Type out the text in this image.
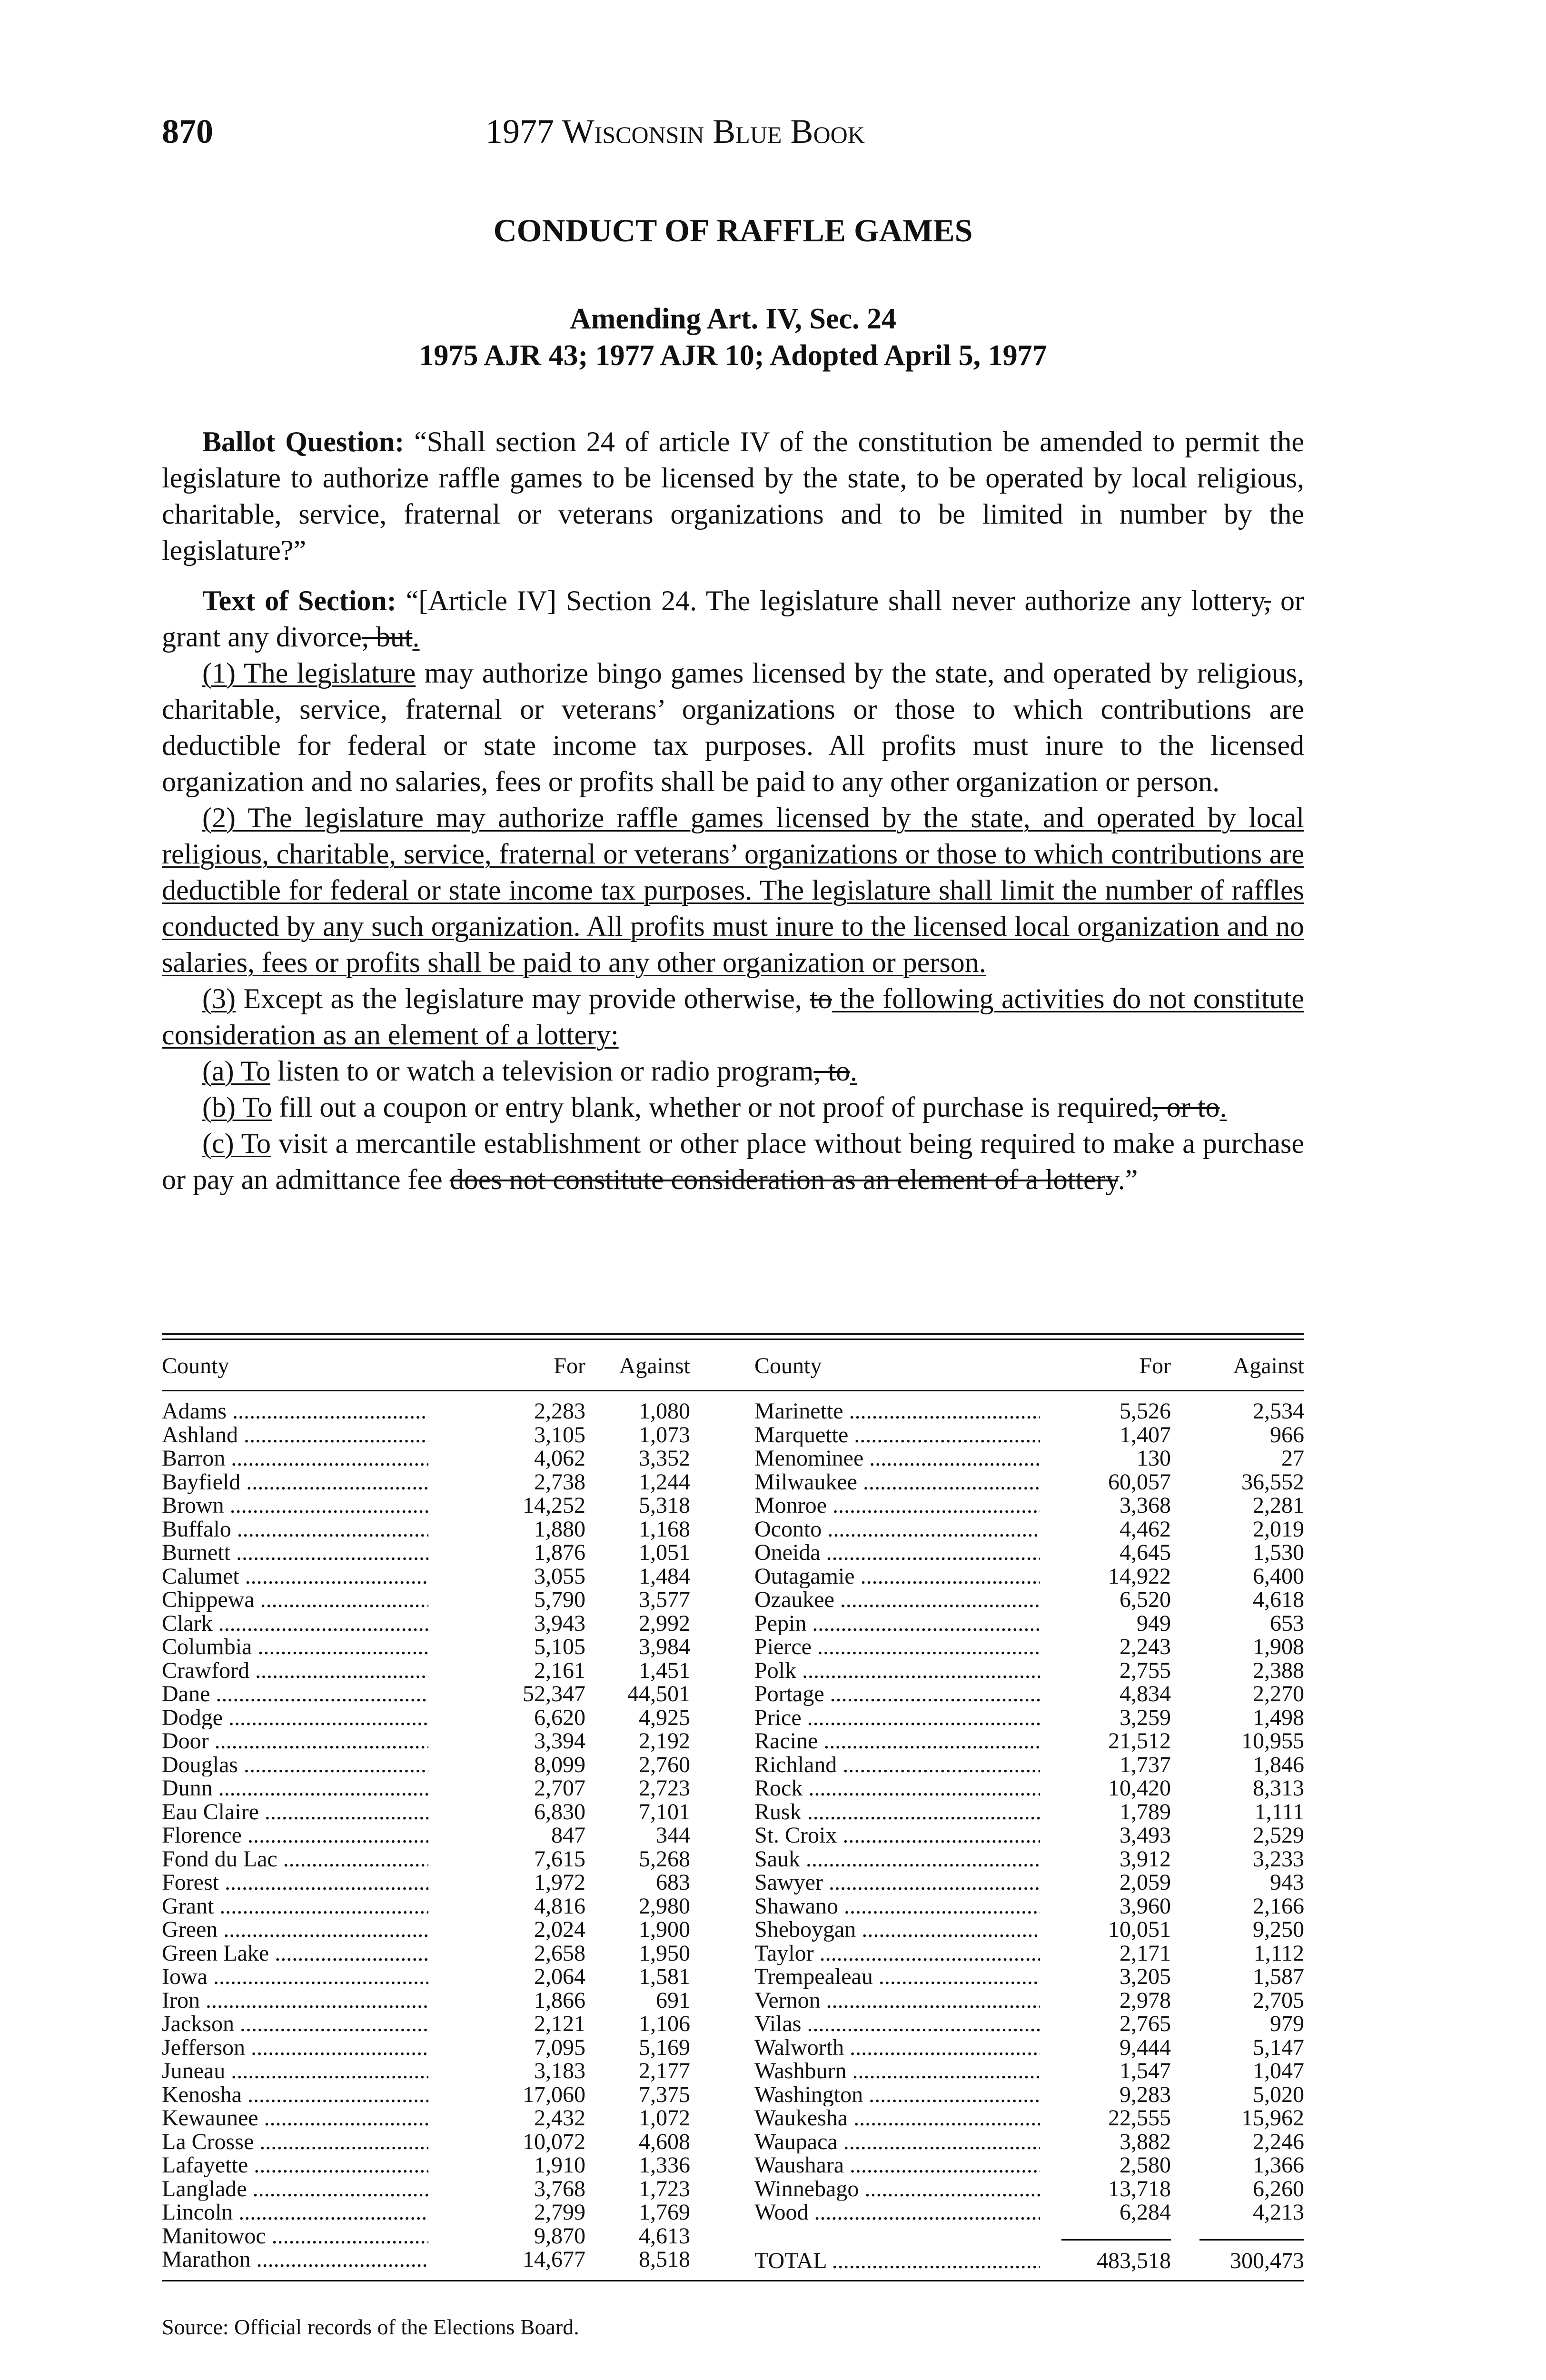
870	1977 Wisconsin Blue Book
CONDUCT OF RAFFLE GAMES
Amending Art. IV, Sec. 24
1975 AJR 43; 1977 AJR 10; Adopted April 5, 1977

Ballot Question: “Shall section 24 of article IV of the constitution be amended to permit the legislature to authorize raffle games to be licensed by the state, to be operated by local religious, charitable, service, fraternal or veterans organizations and to be limited in number by the legislature?”

Text of Section: “[Article IV] Section 24. The legislature shall never authorize any lottery, or grant any divorce, but.

(1) The legislature may authorize bingo games licensed by the state, and operated by religious, charitable, service, fraternal or veterans’ organizations or those to which contributions are deductible for federal or state income tax purposes. All profits must inure to the licensed organization and no salaries, fees or profits shall be paid to any other organization or person.

(2) The legislature may authorize raffle games licensed by the state, and operated by local religious, charitable, service, fraternal or veterans’ organizations or those to which contributions are deductible for federal or state income tax purposes. The legislature shall limit the number of raffles conducted by any such organization. All profits must inure to the licensed local organization and no salaries, fees or profits shall be paid to any other organization or person.

(3) Except as the legislature may provide otherwise, to the following activities do not constitute consideration as an element of a lottery:

(a) To listen to or watch a television or radio program, to.

(b) To fill out a coupon or entry blank, whether or not proof of purchase is required, or to.

(c) To visit a mercantile establishment or other place without being required to make a purchase or pay an admittance fee does not constitute consideration as an element of a lottery.”

County	For	Against	County	For	Against
Adams .....	2,283	1,080
Ashland .....	3,105	1,073
Barron .....	4,062	3,352
Bayfield .....	2,738	1,244
Brown .....	14,252	5,318
Buffalo .....	1,880	1,168
Burnett .....	1,876	1,051
Calumet .....	3,055	1,484
Chippewa .....	5,790	3,577
Clark .....	3,943	2,992
Columbia .....	5,105	3,984
Crawford .....	2,161	1,451
Dane .....	52,347	44,501
Dodge .....	6,620	4,925
Door .....	3,394	2,192
Douglas .....	8,099	2,760
Dunn .....	2,707	2,723
Eau Claire .....	6,830	7,101
Florence .....	847	344
Fond du Lac .....	7,615	5,268
Forest .....	1,972	683
Grant .....	4,816	2,980
Green .....	2,024	1,900
Green Lake .....	2,658	1,950
Iowa .....	2,064	1,581
Iron .....	1,866	691
Jackson .....	2,121	1,106
Jefferson .....	7,095	5,169
Juneau .....	3,183	2,177
Kenosha .....	17,060	7,375
Kewaunee .....	2,432	1,072
La Crosse .....	10,072	4,608
Lafayette .....	1,910	1,336
Langlade .....	3,768	1,723
Lincoln .....	2,799	1,769
Manitowoc .....	9,870	4,613
Marathon .....	14,677	8,518
Marinette .....	5,526	2,534
Marquette .....	1,407	966
Menominee .....	130	27
Milwaukee .....	60,057	36,552
Monroe .....	3,368	2,281
Oconto .....	4,462	2,019
Oneida .....	4,645	1,530
Outagamie .....	14,922	6,400
Ozaukee .....	6,520	4,618
Pepin .....	949	653
Pierce .....	2,243	1,908
Polk .....	2,755	2,388
Portage .....	4,834	2,270
Price .....	3,259	1,498
Racine .....	21,512	10,955
Richland .....	1,737	1,846
Rock .....	10,420	8,313
Rusk .....	1,789	1,111
St. Croix .....	3,493	2,529
Sauk .....	3,912	3,233
Sawyer .....	2,059	943
Shawano .....	3,960	2,166
Sheboygan .....	10,051	9,250
Taylor .....	2,171	1,112
Trempealeau .....	3,205	1,587
Vernon .....	2,978	2,705
Vilas .....	2,765	979
Walworth .....	9,444	5,147
Washburn .....	1,547	1,047
Washington .....	9,283	5,020
Waukesha .....	22,555	15,962
Waupaca .....	3,882	2,246
Waushara .....	2,580	1,366
Winnebago .....	13,718	6,260
Wood .....	6,284	4,213
TOTAL .....	483,518	300,473
Source: Official records of the Elections Board.
